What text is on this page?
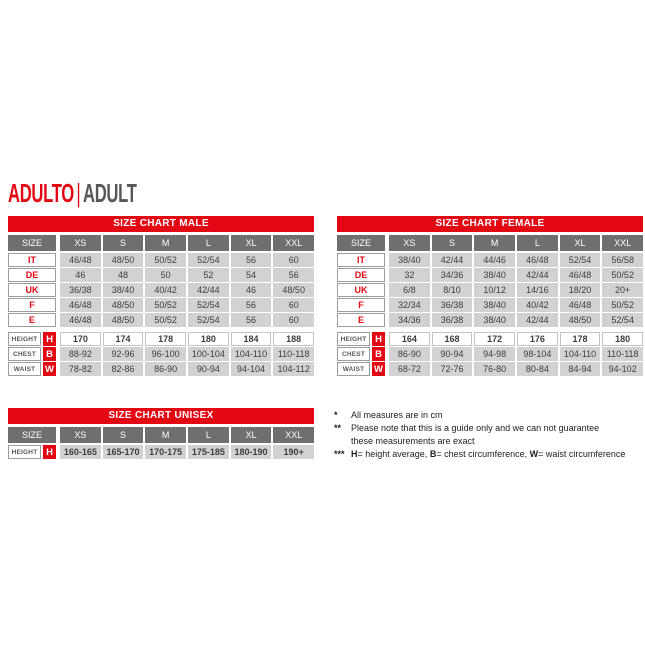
ADULTO|ADULT
SIZE CHART MALE
SIZE	XS	S	M	L	XL	XXL
IT	46/48	48/50	50/52	52/54	56	60
DE	46	48	50	52	54	56
UK	36/38	38/40	40/42	42/44	46	48/50
F	46/48	48/50	50/52	52/54	56	60
E	46/48	48/50	50/52	52/54	56	60
HEIGHT H	170	174	178	180	184	188
CHEST	B	88-92	92-96	96-100	100-104	104-110	110-118
WAIST	W	78-82	82-86	86-90	90-94	94-104	104-112
SIZE CHART FEMALE
SIZE	XS	S	M	L	XL	XXL
IT	38/40	42/44	44/46	46/48	52/54	56/58
DE	32	34/36	38/40	42/44	46/48	50/52
UK	6/8	8/10	10/12	14/16	18/20	20+
F	32/34	36/38	38/40	40/42	46/48	50/52
E	34/36	36/38	38/40	42/44	48/50	52/54
HEIGHT H	164	168	172	176	178	180
CHEST	B	86-90	90-94	94-98	98-104	104-110	110-118
WAIST	W	68-72	72-76	76-80	80-84	84-94	94-102
SIZE CHART UNISEX
SIZE	XS	S	M	L	XL	XXL
HEIGHT H	160-165	165-170	170-175	175-185	180-190	190+
*	All measures are in cm
**	Please note that this is a guide only and we can not guarantee
these measurements are exact
*** H= height average, B= chest circumference, W= waist circumference
